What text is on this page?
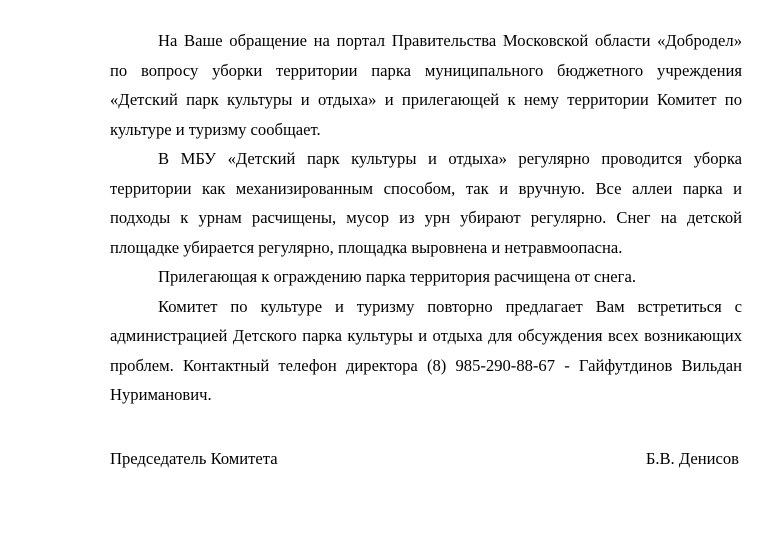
На Ваше обращение на портал Правительства Московской области «Добродел» по вопросу уборки территории парка муниципального бюджетного учреждения «Детский парк культуры и отдыха» и прилегающей к нему территории Комитет по культуре и туризму сообщает.

В МБУ «Детский парк культуры и отдыха» регулярно проводится уборка территории как механизированным способом, так и вручную. Все аллеи парка и подходы к урнам расчищены, мусор из урн убирают регулярно. Снег на детской площадке убирается регулярно, площадка выровнена и нетравмоопасна.

Прилегающая к ограждению парка территория расчищена от снега.

Комитет по культуре и туризму повторно предлагает Вам встретиться с администрацией Детского парка культуры и отдыха для обсуждения всех возникающих проблем. Контактный телефон директора (8) 985-290-88-67 - Гайфутдинов Вильдан Нуриманович.

Председатель Комитета	Б.В. Денисов
